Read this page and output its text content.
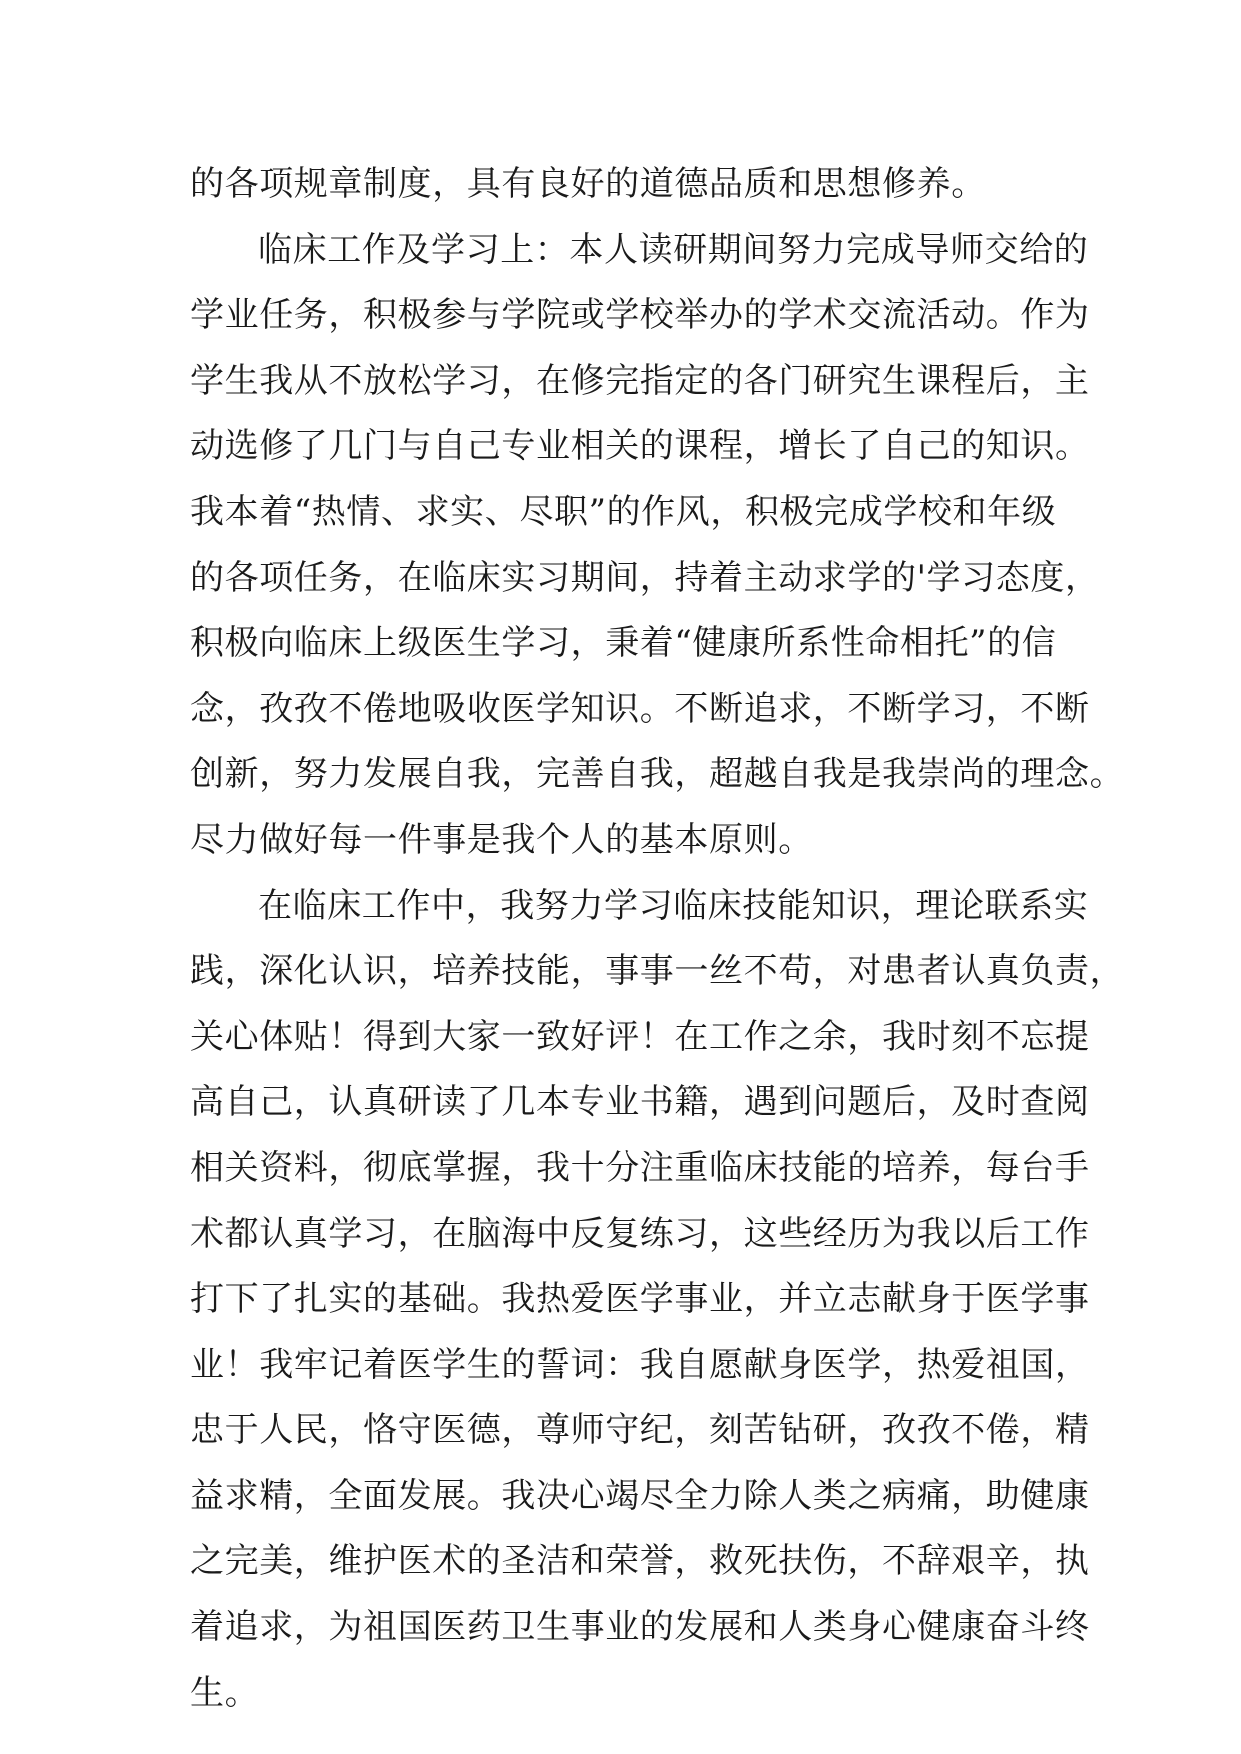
的各项规章制度，具有良好的道德品质和思想修养。
临床工作及学习上：本人读研期间努力完成导师交给的
学业任务，积极参与学院或学校举办的学术交流活动。作为
学生我从不放松学习，在修完指定的各门研究生课程后，主
动选修了几门与自己专业相关的课程，增长了自己的知识。
我本着“热情、求实、尽职”的作风，积极完成学校和年级
的各项任务，在临床实习期间，持着主动求学的'学习态度，
积极向临床上级医生学习，秉着“健康所系性命相托”的信
念，孜孜不倦地吸收医学知识。不断追求，不断学习，不断
创新，努力发展自我，完善自我，超越自我是我崇尚的理念。
尽力做好每一件事是我个人的基本原则。
在临床工作中，我努力学习临床技能知识，理论联系实
践，深化认识，培养技能，事事一丝不苟，对患者认真负责，
关心体贴！得到大家一致好评！在工作之余，我时刻不忘提
高自己，认真研读了几本专业书籍，遇到问题后，及时查阅
相关资料，彻底掌握，我十分注重临床技能的培养，每台手
术都认真学习，在脑海中反复练习，这些经历为我以后工作
打下了扎实的基础。我热爱医学事业，并立志献身于医学事
业！我牢记着医学生的誓词：我自愿献身医学，热爱祖国，
忠于人民，恪守医德，尊师守纪，刻苦钻研，孜孜不倦，精
益求精，全面发展。我决心竭尽全力除人类之病痛，助健康
之完美，维护医术的圣洁和荣誉，救死扶伤，不辞艰辛，执
着追求，为祖国医药卫生事业的发展和人类身心健康奋斗终
生。
